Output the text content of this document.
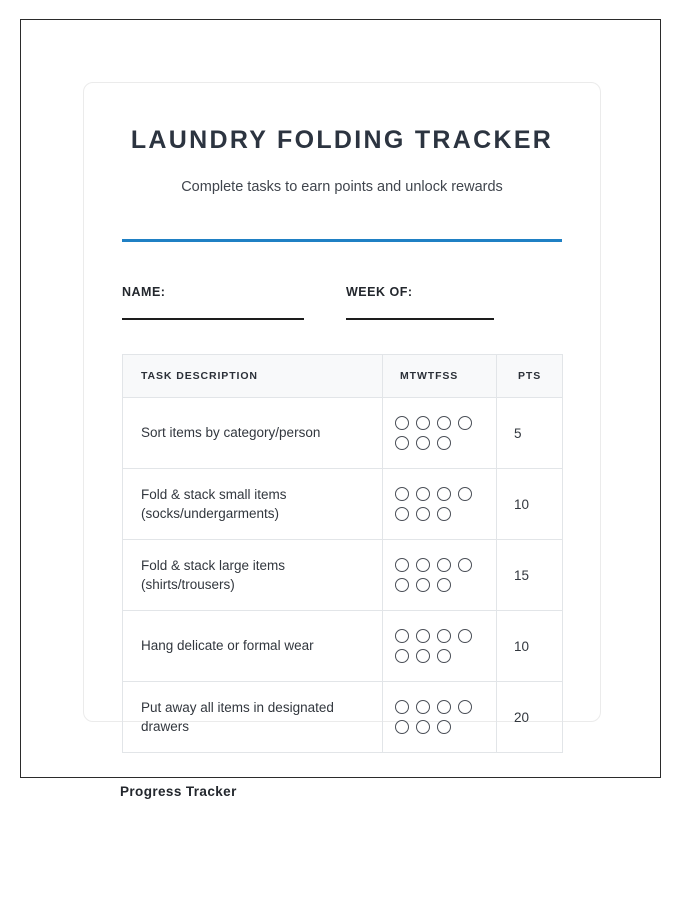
LAUNDRY FOLDING TRACKER
Complete tasks to earn points and unlock rewards
NAME:	WEEK OF:
TASK DESCRIPTION	MTWTFSS	PTS
Sort items by category/person		5
Fold & stack small items (socks/undergarments)		10
Fold & stack large items (shirts/trousers)		15
Hang delicate or formal wear		10
Put away all items in designated drawers		20
Progress Tracker
